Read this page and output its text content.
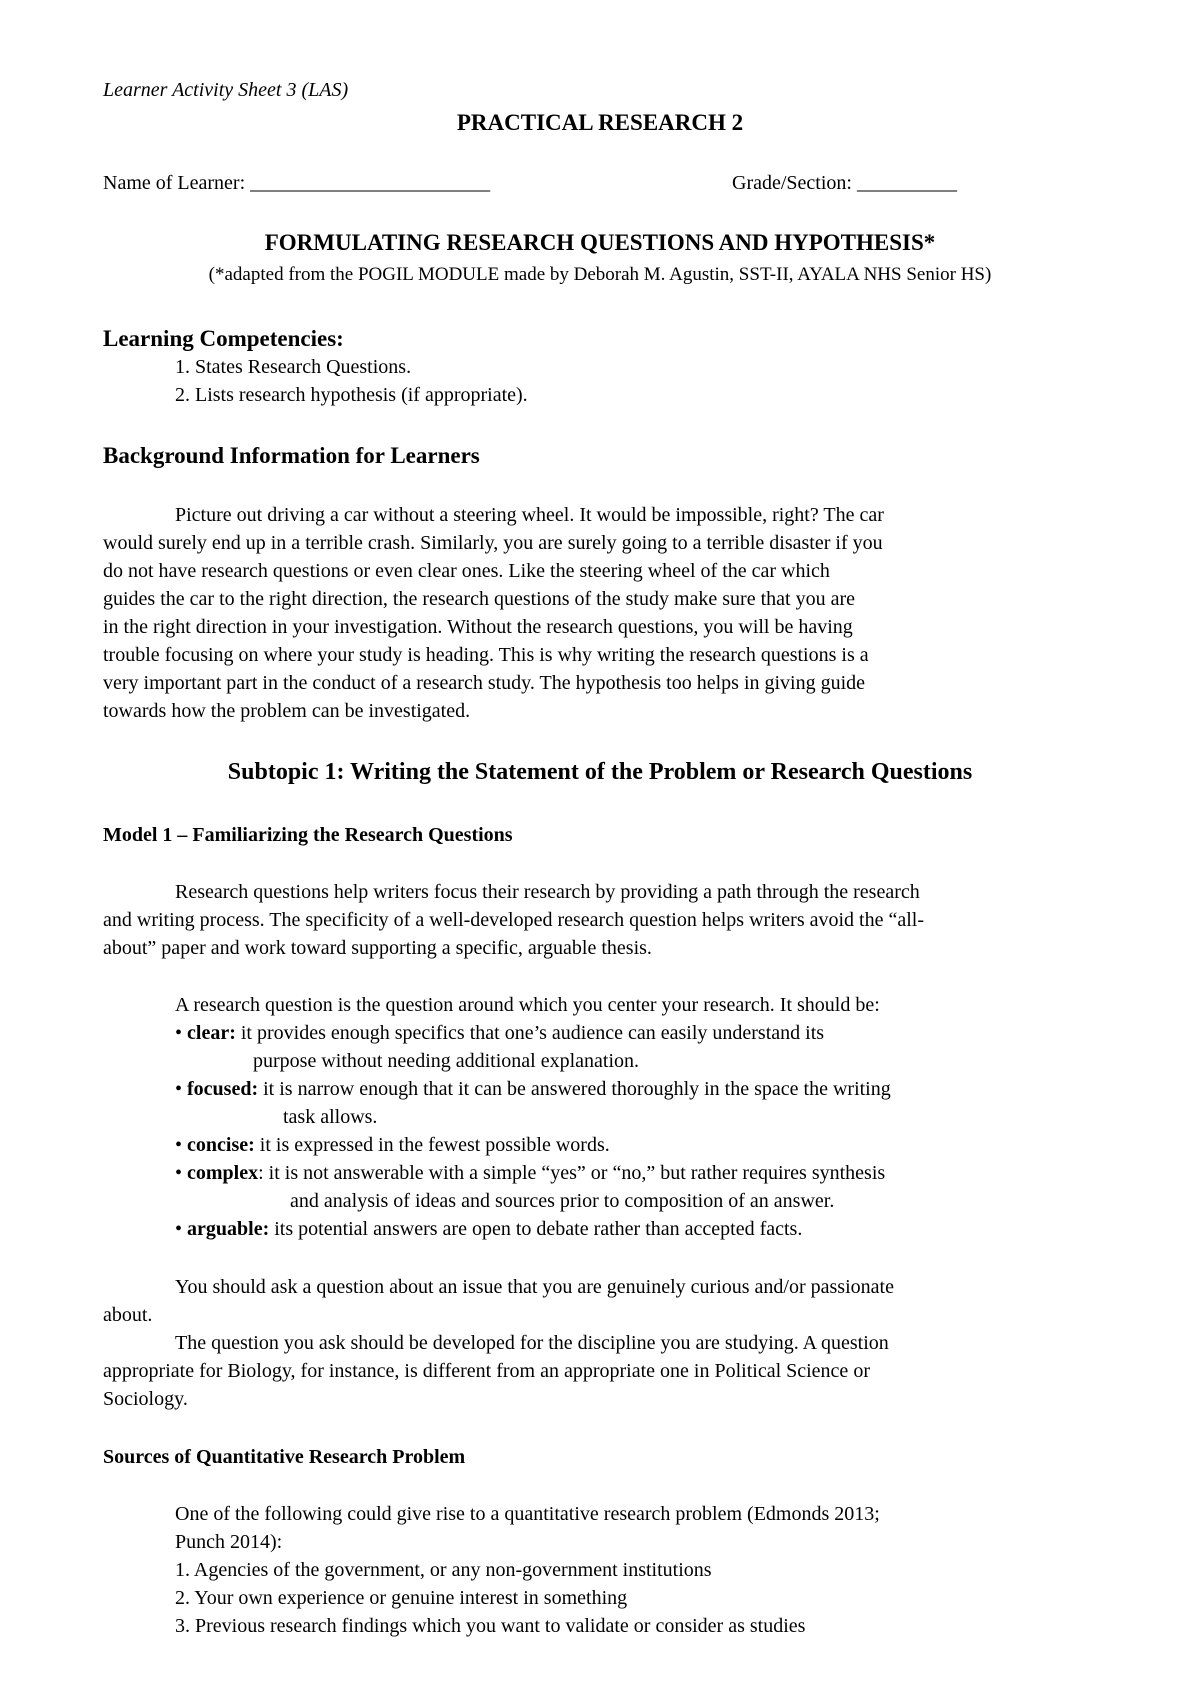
Learner Activity Sheet 3 (LAS)
PRACTICAL RESEARCH 2
Name of Learner: ________________________	Grade/Section: __________
FORMULATING RESEARCH QUESTIONS AND HYPOTHESIS*
(*adapted from the POGIL MODULE made by Deborah M. Agustin, SST-II, AYALA NHS Senior HS)
Learning Competencies:
1. States Research Questions.
2. Lists research hypothesis (if appropriate).
Background Information for Learners
Picture out driving a car without a steering wheel. It would be impossible, right? The car
would surely end up in a terrible crash. Similarly, you are surely going to a terrible disaster if you
do not have research questions or even clear ones. Like the steering wheel of the car which
guides the car to the right direction, the research questions of the study make sure that you are
in the right direction in your investigation. Without the research questions, you will be having
trouble focusing on where your study is heading. This is why writing the research questions is a
very important part in the conduct of a research study. The hypothesis too helps in giving guide
towards how the problem can be investigated.
Subtopic 1: Writing the Statement of the Problem or Research Questions
Model 1 – Familiarizing the Research Questions
Research questions help writers focus their research by providing a path through the research
and writing process. The specificity of a well-developed research question helps writers avoid the “all-
about” paper and work toward supporting a specific, arguable thesis.
A research question is the question around which you center your research. It should be:
• clear: it provides enough specifics that one’s audience can easily understand its
purpose without needing additional explanation.
• focused: it is narrow enough that it can be answered thoroughly in the space the writing
task allows.
• concise: it is expressed in the fewest possible words.
• complex: it is not answerable with a simple “yes” or “no,” but rather requires synthesis
and analysis of ideas and sources prior to composition of an answer.
• arguable: its potential answers are open to debate rather than accepted facts.
You should ask a question about an issue that you are genuinely curious and/or passionate
about.
The question you ask should be developed for the discipline you are studying. A question
appropriate for Biology, for instance, is different from an appropriate one in Political Science or
Sociology.
Sources of Quantitative Research Problem
One of the following could give rise to a quantitative research problem (Edmonds 2013;
Punch 2014):
1. Agencies of the government, or any non-government institutions
2. Your own experience or genuine interest in something
3. Previous research findings which you want to validate or consider as studies
